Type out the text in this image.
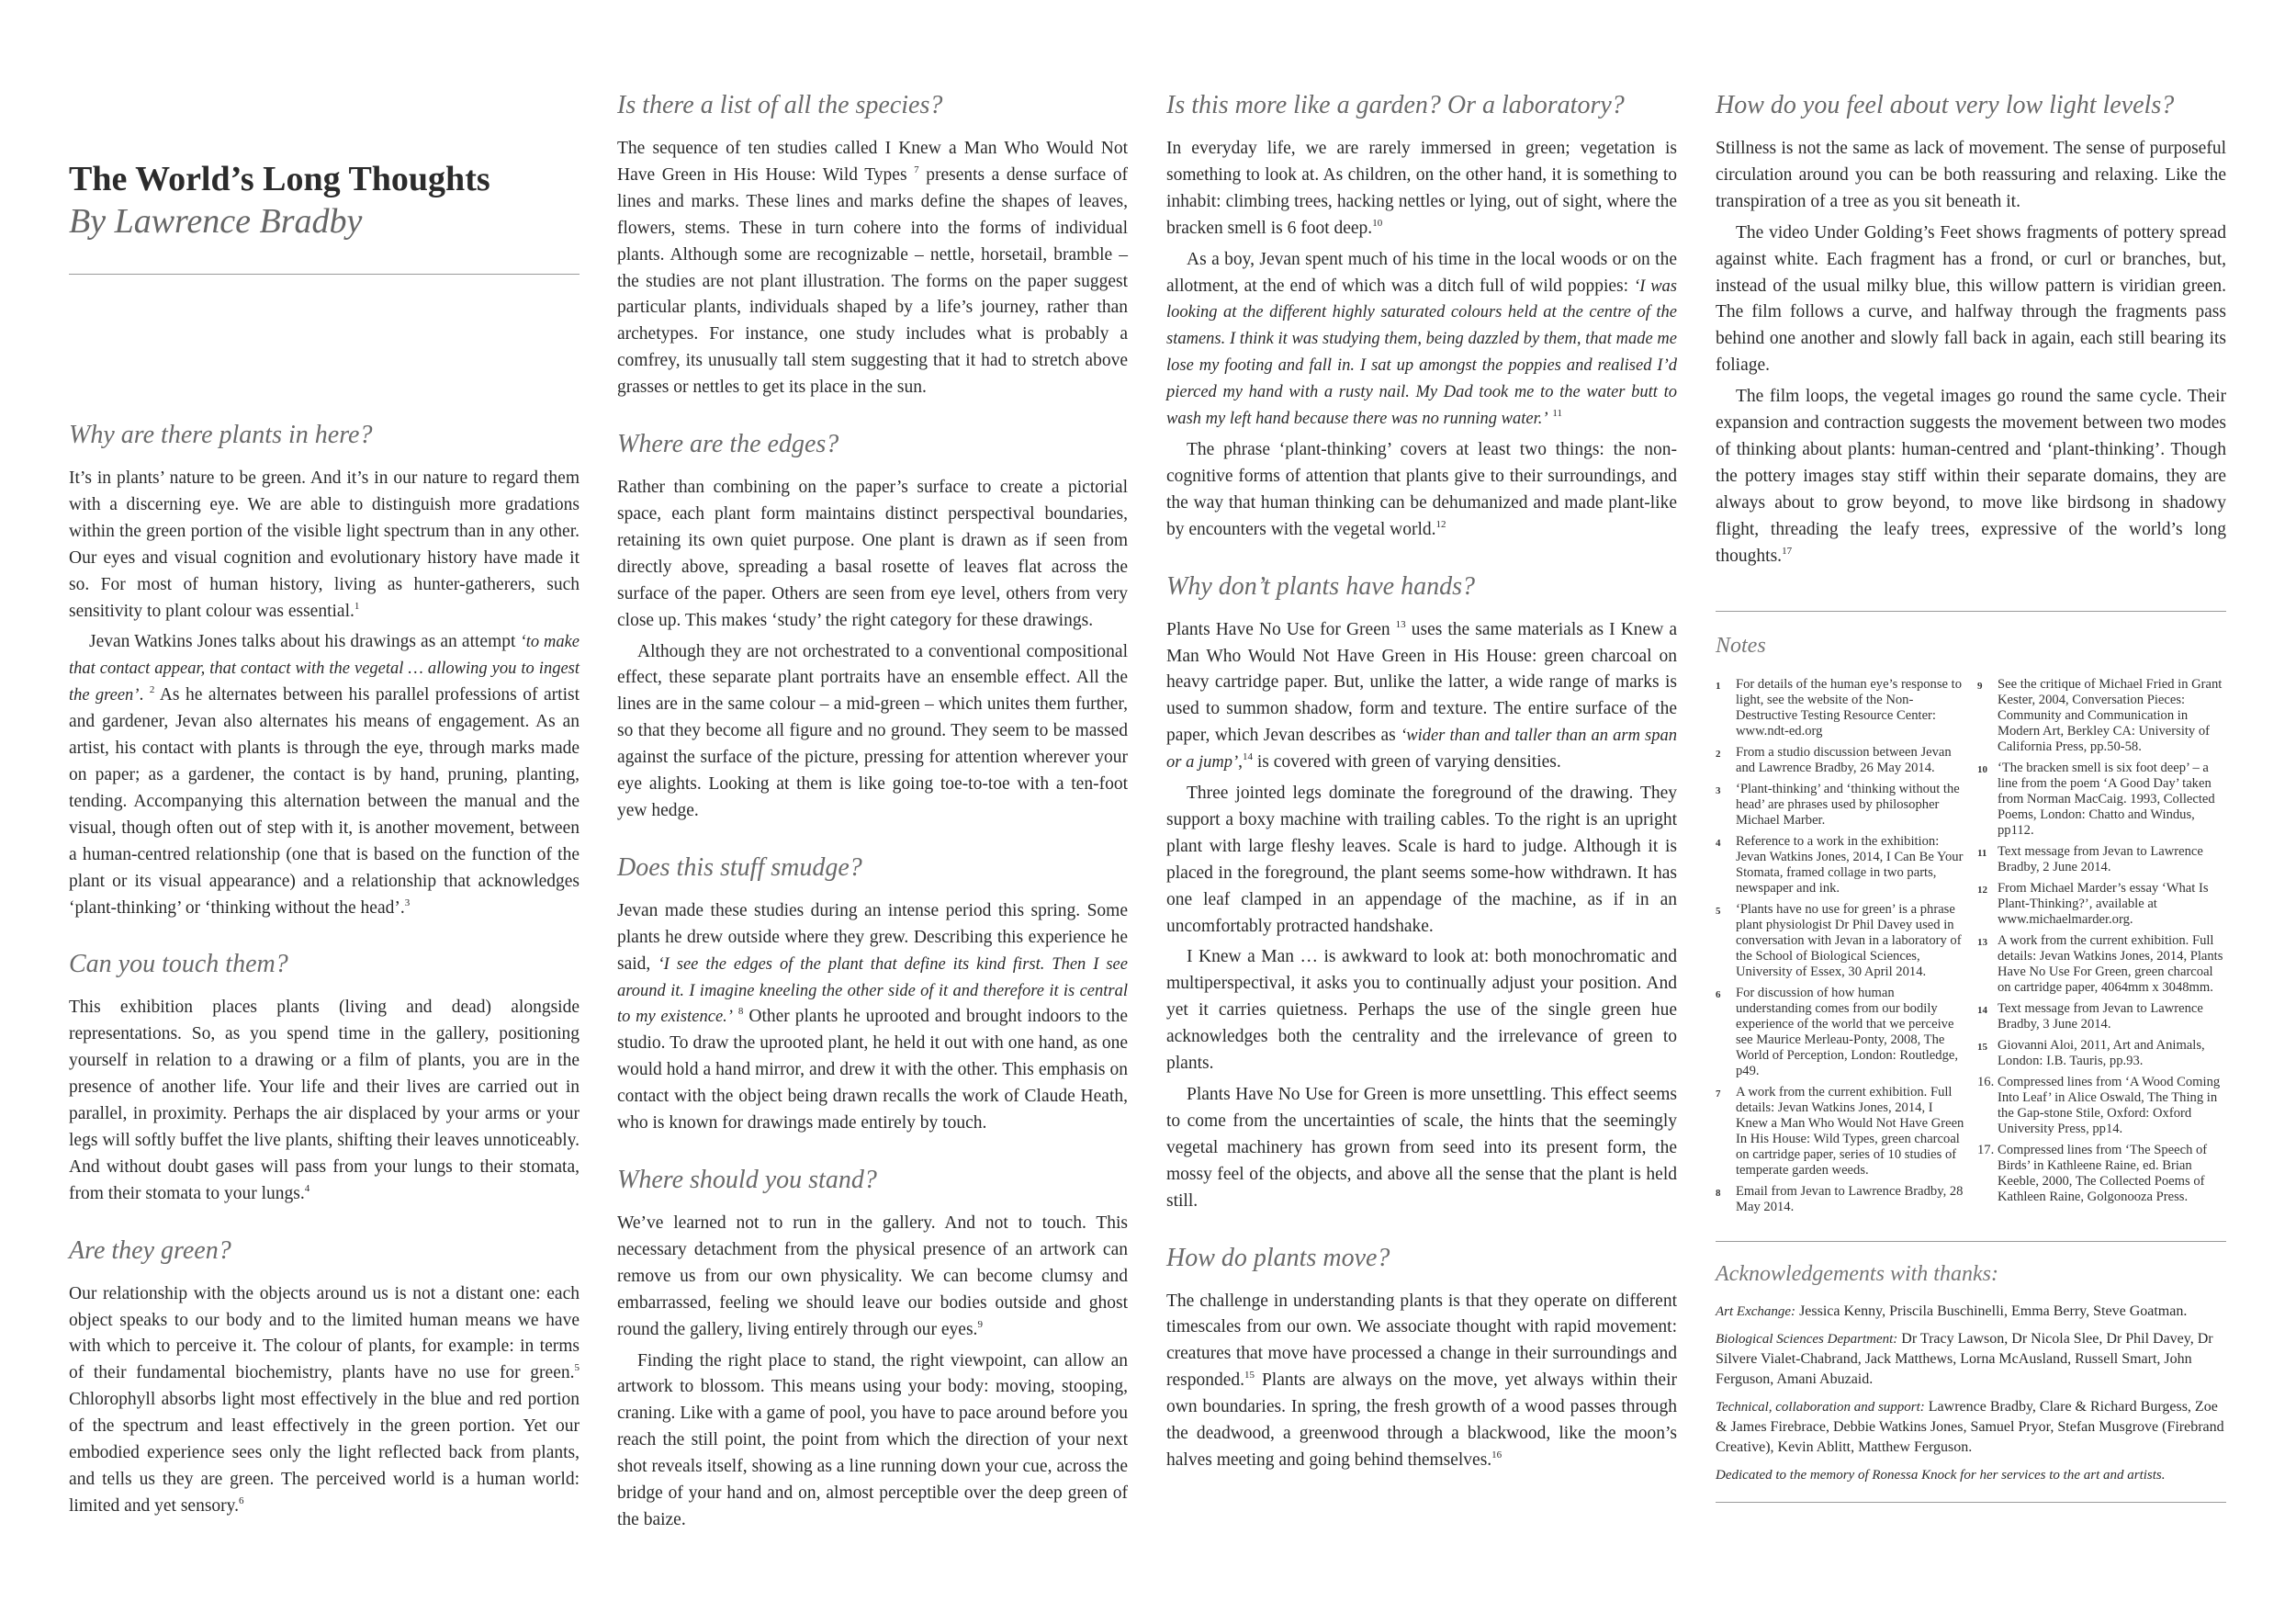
The World’s Long Thoughts
By Lawrence Bradby
Why are there plants in here?

It’s in plants’ nature to be green. And it’s in our nature to regard them with a discerning eye. We are able to distinguish more gradations within the green portion of the visible light spectrum than in any other. Our eyes and visual cognition and evolutionary history have made it so. For most of human history, living as hunter-gatherers, such sensitivity to plant colour was essential.$^1$

Jevan Watkins Jones talks about his drawings as an attempt ‘to make that contact appear, that contact with the vegetal … allowing you to ingest the green’. $^2$ As he alternates between his parallel professions of artist and gardener, Jevan also alternates his means of engagement. As an artist, his contact with plants is through the eye, through marks made on paper; as a gardener, the contact is by hand, pruning, planting, tending. Accompanying this alternation between the manual and the visual, though often out of step with it, is another movement, between a human-centred relationship (one that is based on the function of the plant or its visual appearance) and a relationship that acknowledges ‘plant-thinking’ or ‘thinking without the head’.$^3$

Can you touch them?

This exhibition places plants (living and dead) alongside representations. So, as you spend time in the gallery, positioning yourself in relation to a drawing or a film of plants, you are in the presence of another life. Your life and their lives are carried out in parallel, in proximity. Perhaps the air displaced by your arms or your legs will softly buffet the live plants, shifting their leaves unnoticeably. And without doubt gases will pass from your lungs to their stomata, from their stomata to your lungs.$^4$

Are they green?

Our relationship with the objects around us is not a distant one: each object speaks to our body and to the limited human means we have with which to perceive it. The colour of plants, for example: in terms of their fundamental biochemistry, plants have no use for green.$^5$ Chlorophyll absorbs light most effectively in the blue and red portion of the spectrum and least effectively in the green portion. Yet our embodied experience sees only the light reflected back from plants, and tells us they are green. The perceived world is a human world: limited and yet sensory.$^6$

Is there a list of all the species?

The sequence of ten studies called I Knew a Man Who Would Not Have Green in His House: Wild Types $^7$ presents a dense surface of lines and marks. These lines and marks define the shapes of leaves, flowers, stems. These in turn cohere into the forms of individual plants. Although some are recognizable – nettle, horsetail, bramble – the studies are not plant illustration. The forms on the paper suggest particular plants, individuals shaped by a life’s journey, rather than archetypes. For instance, one study includes what is probably a comfrey, its unusually tall stem suggesting that it had to stretch above grasses or nettles to get its place in the sun.

Where are the edges?

Rather than combining on the paper’s surface to create a pictorial space, each plant form maintains distinct perspectival boundaries, retaining its own quiet purpose. One plant is drawn as if seen from directly above, spreading a basal rosette of leaves flat across the surface of the paper. Others are seen from eye level, others from very close up. This makes ‘study’ the right category for these drawings.

Although they are not orchestrated to a conventional compositional effect, these separate plant portraits have an ensemble effect. All the lines are in the same colour – a mid-green – which unites them further, so that they become all figure and no ground. They seem to be massed against the surface of the picture, pressing for attention wherever your eye alights. Looking at them is like going toe-to-toe with a ten-foot yew hedge.

Does this stuff smudge?

Jevan made these studies during an intense period this spring. Some plants he drew outside where they grew. Describing this experience he said, ‘I see the edges of the plant that define its kind first. Then I see around it. I imagine kneeling the other side of it and therefore it is central to my existence.’ $^8$ Other plants he uprooted and brought indoors to the studio. To draw the uprooted plant, he held it out with one hand, as one would hold a hand mirror, and drew it with the other. This emphasis on contact with the object being drawn recalls the work of Claude Heath, who is known for drawings made entirely by touch.

Where should you stand?

We’ve learned not to run in the gallery. And not to touch. This necessary detachment from the physical presence of an artwork can remove us from our own physicality. We can become clumsy and embarrassed, feeling we should leave our bodies outside and ghost round the gallery, living entirely through our eyes.$^9$

Finding the right place to stand, the right viewpoint, can allow an artwork to blossom. This means using your body: moving, stooping, craning. Like with a game of pool, you have to pace around before you reach the still point, the point from which the direction of your next shot reveals itself, showing as a line running down your cue, across the bridge of your hand and on, almost perceptible over the deep green of the baize.

Is this more like a garden? Or a laboratory?

In everyday life, we are rarely immersed in green; vegetation is something to look at. As children, on the other hand, it is something to inhabit: climbing trees, hacking nettles or lying, out of sight, where the bracken smell is 6 foot deep.$^{10}$

As a boy, Jevan spent much of his time in the local woods or on the allotment, at the end of which was a ditch full of wild poppies: ‘I was looking at the different highly saturated colours held at the centre of the stamens. I think it was studying them, being dazzled by them, that made me lose my footing and fall in. I sat up amongst the poppies and realised I’d pierced my hand with a rusty nail. My Dad took me to the water butt to wash my left hand because there was no running water.’ $^{11}$

The phrase ‘plant-thinking’ covers at least two things: the non-cognitive forms of attention that plants give to their surroundings, and the way that human thinking can be dehumanized and made plant-like by encounters with the vegetal world.$^{12}$

Why don’t plants have hands?

Plants Have No Use for Green $^{13}$ uses the same materials as I Knew a Man Who Would Not Have Green in His House: green charcoal on heavy cartridge paper. But, unlike the latter, a wide range of marks is used to summon shadow, form and texture. The entire surface of the paper, which Jevan describes as ‘wider than and taller than an arm span or a jump’,$^{14}$ is covered with green of varying densities.

Three jointed legs dominate the foreground of the drawing. They support a boxy machine with trailing cables. To the right is an upright plant with large fleshy leaves. Scale is hard to judge. Although it is placed in the foreground, the plant seems some-how withdrawn. It has one leaf clamped in an appendage of the machine, as if in an uncomfortably protracted handshake.

I Knew a Man … is awkward to look at: both monochromatic and multiperspectival, it asks you to continually adjust your position. And yet it carries quietness. Perhaps the use of the single green hue acknowledges both the centrality and the irrelevance of green to plants.

Plants Have No Use for Green is more unsettling. This effect seems to come from the uncertainties of scale, the hints that the seemingly vegetal machinery has grown from seed into its present form, the mossy feel of the objects, and above all the sense that the plant is held still.

How do plants move?

The challenge in understanding plants is that they operate on different timescales from our own. We associate thought with rapid movement: creatures that move have processed a change in their surroundings and responded.$^{15}$ Plants are always on the move, yet always within their own boundaries. In spring, the fresh growth of a wood passes through the deadwood, a greenwood through a blackwood, like the moon’s halves meeting and going behind themselves.$^{16}$

How do you feel about very low light levels?

Stillness is not the same as lack of movement. The sense of purposeful circulation around you can be both reassuring and relaxing. Like the transpiration of a tree as you sit beneath it.

The video Under Golding’s Feet shows fragments of pottery spread against white. Each fragment has a frond, or curl or branches, but, instead of the usual milky blue, this willow pattern is viridian green. The film follows a curve, and halfway through the fragments pass behind one another and slowly fall back in again, each still bearing its foliage.

The film loops, the vegetal images go round the same cycle. Their expansion and contraction suggests the movement between two modes of thinking about plants: human-centred and ‘plant-thinking’. Though the pottery images stay stiff within their separate domains, they are always about to grow beyond, to move like birdsong in shadowy flight, threading the leafy trees, expressive of the world’s long thoughts.$^{17}$

Notes
1	For details of the human eye’s response to light, see the website of the Non-Destructive Testing Resource Center: www.ndt-ed.org
2	From a studio discussion between Jevan and Lawrence Bradby, 26 May 2014.
3	‘Plant-thinking’ and ‘thinking without the head’ are phrases used by philosopher Michael Marber.
4	Reference to a work in the exhibition: Jevan Watkins Jones, 2014, I Can Be Your Stomata, framed collage in two parts, newspaper and ink.
5	‘Plants have no use for green’ is a phrase plant physiologist Dr Phil Davey used in conversation with Jevan in a laboratory of the School of Biological Sciences, University of Essex, 30 April 2014.
6	For discussion of how human understanding comes from our bodily experience of the world that we perceive see Maurice Merleau-Ponty, 2008, The World of Perception, London: Routledge, p49.
7	A work from the current exhibition. Full details: Jevan Watkins Jones, 2014, I Knew a Man Who Would Not Have Green In His House: Wild Types, green charcoal on cartridge paper, series of 10 studies of temperate garden weeds.
8	Email from Jevan to Lawrence Bradby, 28 May 2014.
9	See the critique of Michael Fried in Grant Kester, 2004, Conversation Pieces: Community and Communication in Modern Art, Berkley CA: University of California Press, pp.50-58.
10 ‘The bracken smell is six foot deep’ – a line from the poem ‘A Good Day’ taken from Norman MacCaig. 1993, Collected Poems, London: Chatto and Windus, pp112.
11 Text message from Jevan to Lawrence Bradby, 2 June 2014.
12 From Michael Marder’s essay ‘What Is Plant-Thinking?’, available at www.michaelmarder.org.
13 A work from the current exhibition. Full details: Jevan Watkins Jones, 2014, Plants Have No Use For Green, green charcoal on cartridge paper, 4064mm x 3048mm.
14 Text message from Jevan to Lawrence Bradby, 3 June 2014.
15 Giovanni Aloi, 2011, Art and Animals, London: I.B. Tauris, pp.93.
16. Compressed lines from ‘A Wood Coming Into Leaf’ in Alice Oswald, The Thing in the Gap-stone Stile, Oxford: Oxford University Press, pp14.
17. Compressed lines from ‘The Speech of Birds’ in Kathleene Raine, ed. Brian Keeble, 2000, The Collected Poems of Kathleen Raine, Golgonooza Press.
Acknowledgements with thanks:
Art Exchange: Jessica Kenny, Priscila Buschinelli, Emma Berry, Steve Goatman.
Biological Sciences Department: Dr Tracy Lawson, Dr Nicola Slee, Dr Phil Davey, Dr Silvere Vialet-Chabrand, Jack Matthews, Lorna McAusland, Russell Smart, John Ferguson, Amani Abuzaid.
Technical, collaboration and support: Lawrence Bradby, Clare & Richard Burgess, Zoe & James Firebrace, Debbie Watkins Jones, Samuel Pryor, Stefan Musgrove (Firebrand Creative), Kevin Ablitt, Matthew Ferguson.
Dedicated to the memory of Ronessa Knock for her services to the art and artists.
